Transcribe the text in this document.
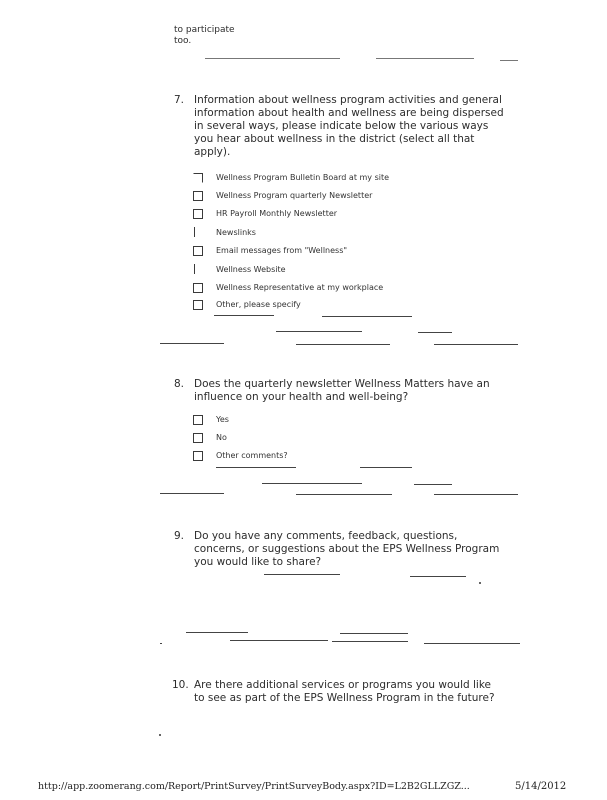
to participate
too.
7. Information about wellness program activities and general
information about health and wellness are being dispersed
in several ways, please indicate below the various ways
you hear about wellness in the district (select all that
apply).
Wellness Program Bulletin Board at my site
Wellness Program quarterly Newsletter
HR Payroll Monthly Newsletter
Newslinks
Email messages from "Wellness"
Wellness Website
Wellness Representative at my workplace
Other, please specify
8. Does the quarterly newsletter Wellness Matters have an
influence on your health and well-being?
Yes
No
Other comments?
9. Do you have any comments, feedback, questions,
concerns, or suggestions about the EPS Wellness Program
you would like to share?
10. Are there additional services or programs you would like
to see as part of the EPS Wellness Program in the future?
http://app.zoomerang.com/Report/PrintSurvey/PrintSurveyBody.aspx?ID=L2B2GLLZGZ...	5/14/2012
